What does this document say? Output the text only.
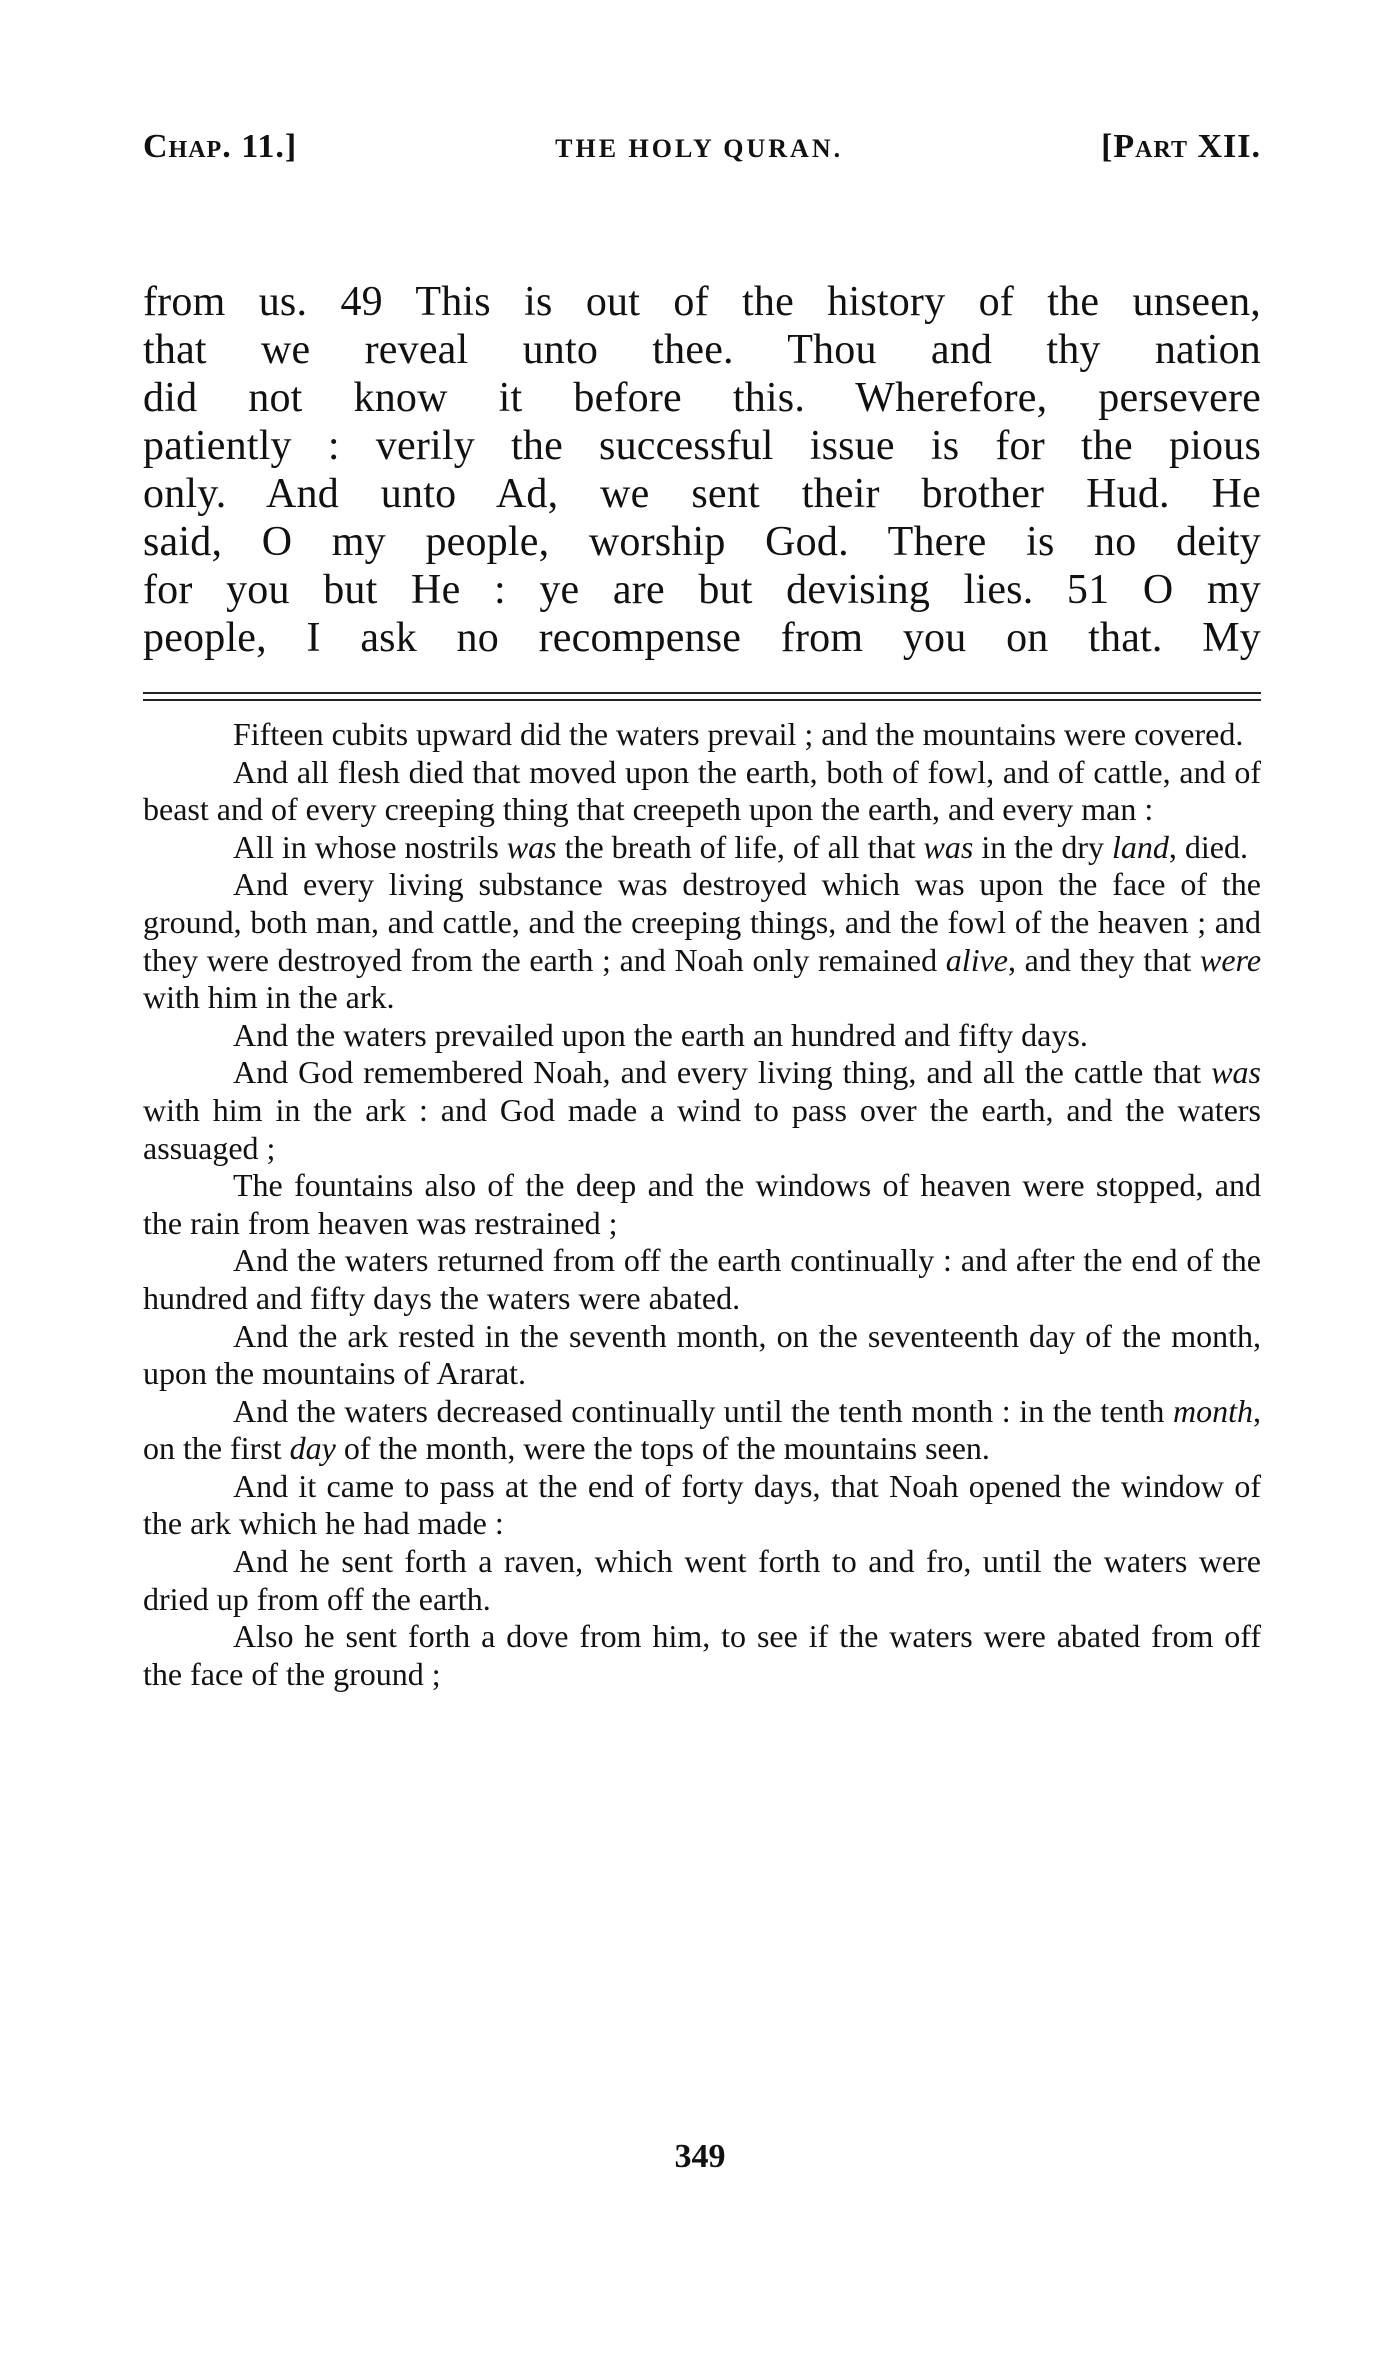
Chap. 11.]	THE HOLY QURAN.	[Part XII.

from us. 49 This is out of the history of the unseen,

that we reveal unto thee. Thou and thy nation

did not know it before this. Wherefore, persevere

patiently : verily the successful issue is for the pious

only. And unto Ad, we sent their brother Hud. He

said, O my people, worship God. There is no deity

for you but He : ye are but devising lies. 51 O my

people, I ask no recompense from you on that. My

Fifteen cubits upward did the waters prevail ; and the mountains were covered.

And all flesh died that moved upon the earth, both of fowl, and of cattle, and of beast and of every creeping thing that creepeth upon the earth, and every man :

All in whose nostrils was the breath of life, of all that was in the dry land, died.

And every living substance was destroyed which was upon the face of the ground, both man, and cattle, and the creeping things, and the fowl of the heaven ; and they were destroyed from the earth ; and Noah only remained alive, and they that were with him in the ark.

And the waters prevailed upon the earth an hundred and fifty days.

And God remembered Noah, and every living thing, and all the cattle that was with him in the ark : and God made a wind to pass over the earth, and the waters assuaged ;

The fountains also of the deep and the windows of heaven were stopped, and the rain from heaven was restrained ;

And the waters returned from off the earth continually : and after the end of the hundred and fifty days the waters were abated.

And the ark rested in the seventh month, on the seventeenth day of the month, upon the mountains of Ararat.

And the waters decreased continually until the tenth month : in the tenth month, on the first day of the month, were the tops of the mountains seen.

And it came to pass at the end of forty days, that Noah opened the window of the ark which he had made :

And he sent forth a raven, which went forth to and fro, until the waters were dried up from off the earth.

Also he sent forth a dove from him, to see if the waters were abated from off the face of the ground ;

349
